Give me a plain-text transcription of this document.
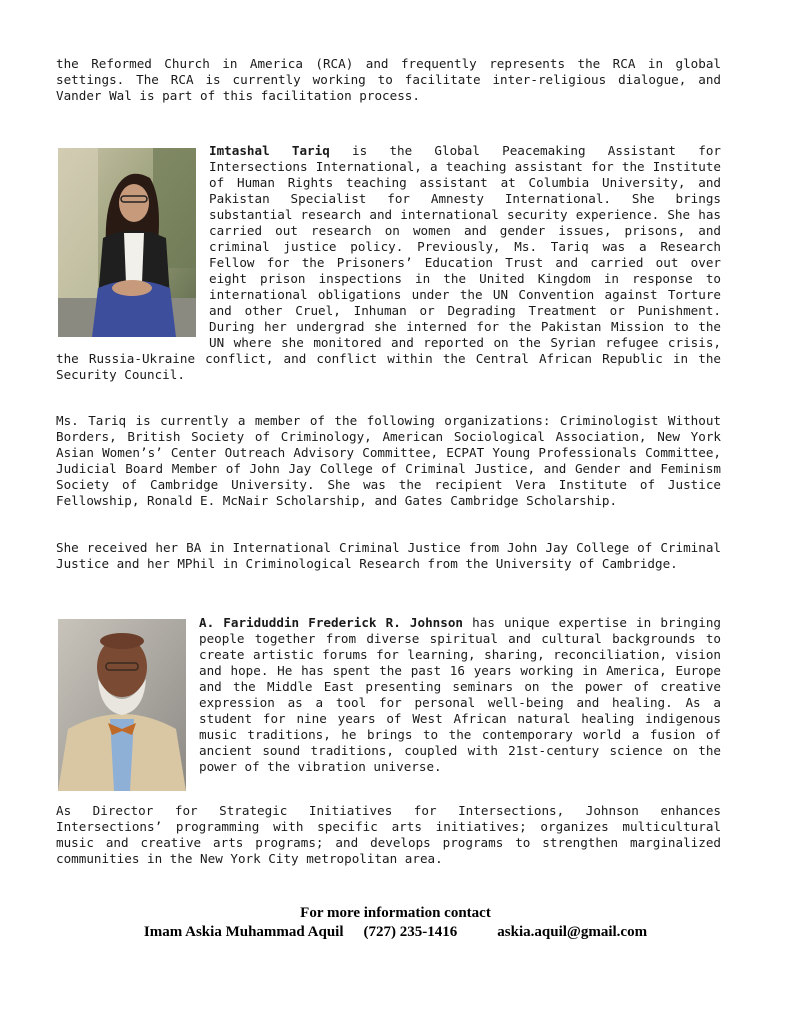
the Reformed Church in America (RCA) and frequently represents the RCA in global settings. The RCA is currently working to facilitate inter-religious dialogue, and Vander Wal is part of this facilitation process.

Imtashal Tariq is the Global Peacemaking Assistant for Intersections International, a teaching assistant for the Institute of Human Rights teaching assistant at Columbia University, and Pakistan Specialist for Amnesty International. She brings substantial research and international security experience. She has carried out research on women and gender issues, prisons, and criminal justice policy. Previously, Ms. Tariq was a Research Fellow for the Prisoners’ Education Trust and carried out over eight prison inspections in the United Kingdom in response to international obligations under the UN Convention against Torture and other Cruel, Inhuman or Degrading Treatment or Punishment. During her undergrad she interned for the Pakistan Mission to the UN where she monitored and reported on the Syrian refugee crisis, the Russia-Ukraine conflict, and conflict within the Central African Republic in the Security Council.

Ms. Tariq is currently a member of the following organizations: Criminologist Without Borders, British Society of Criminology, American Sociological Association, New York Asian Women’s’ Center Outreach Advisory Committee, ECPAT Young Professionals Committee, Judicial Board Member of John Jay College of Criminal Justice, and Gender and Feminism Society of Cambridge University. She was the recipient Vera Institute of Justice Fellowship, Ronald E. McNair Scholarship, and Gates Cambridge Scholarship.

She received her BA in International Criminal Justice from John Jay College of Criminal Justice and her MPhil in Criminological Research from the University of Cambridge.

A. Fariduddin Frederick R. Johnson has unique expertise in bringing people together from diverse spiritual and cultural backgrounds to create artistic forums for learning, sharing, reconciliation, vision and hope. He has spent the past 16 years working in America, Europe and the Middle East presenting seminars on the power of creative expression as a tool for personal well-being and healing. As a student for nine years of West African natural healing indigenous music traditions, he brings to the contemporary world a fusion of ancient sound traditions, coupled with 21st-century science on the power of the vibration universe.

As Director for Strategic Initiatives for Intersections, Johnson enhances Intersections’ programming with specific arts initiatives; organizes multicultural music and creative arts programs; and develops programs to strengthen marginalized communities in the New York City metropolitan area.

For more information contact
Imam Askia Muhammad Aquil (727) 235-1416	askia.aquil@gmail.com
